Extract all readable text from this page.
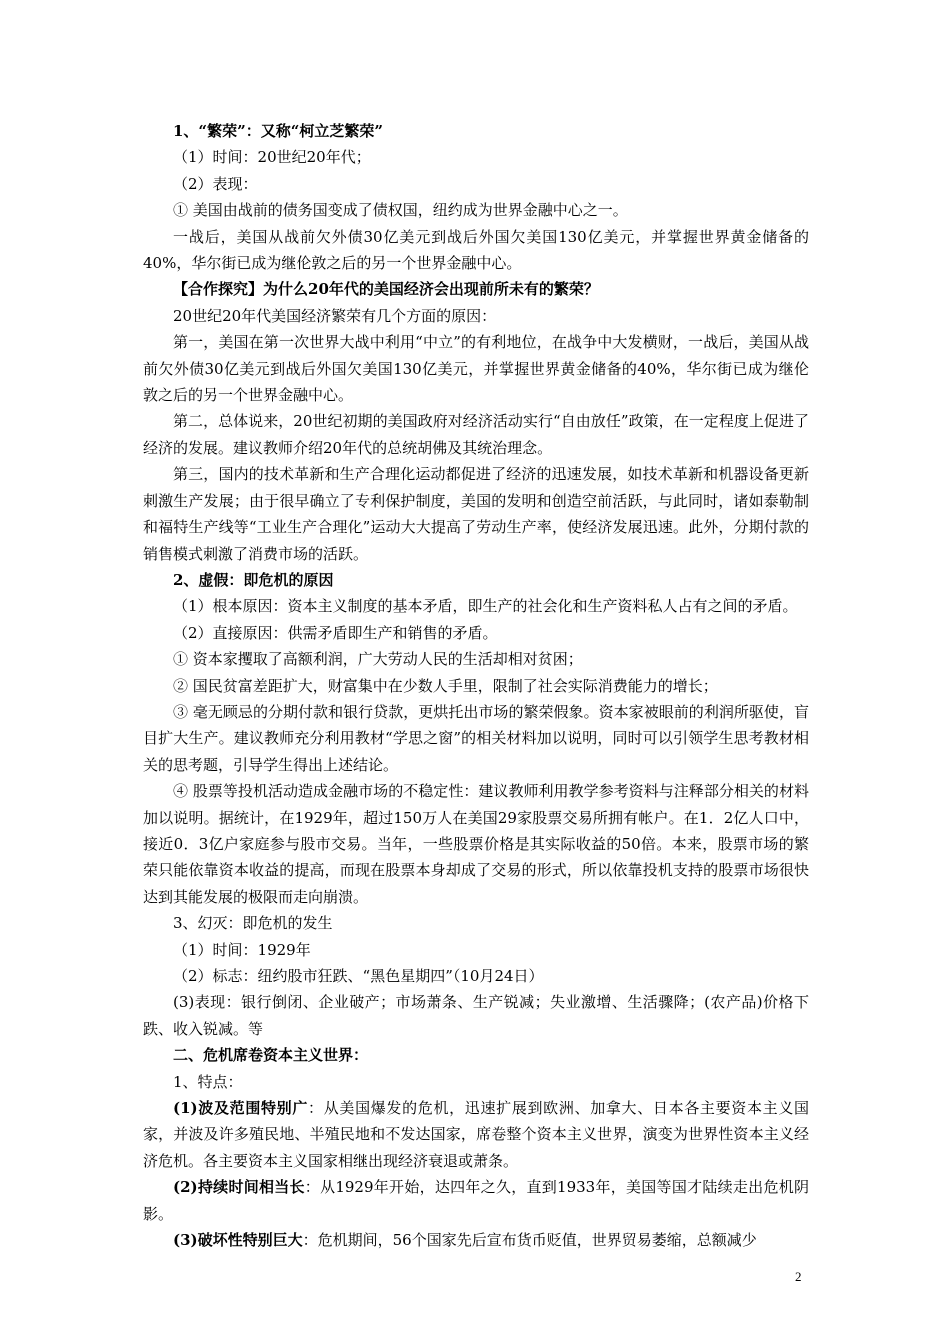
1、“繁荣”：又称“柯立芝繁荣”
（1）时间：20世纪20年代；
（2）表现：
① 美国由战前的债务国变成了债权国，纽约成为世界金融中心之一。
一战后，美国从战前欠外债30亿美元到战后外国欠美国130亿美元，并掌握世界黄金储备的40%，华尔街已成为继伦敦之后的另一个世界金融中心。
【合作探究】为什么20年代的美国经济会出现前所未有的繁荣？
20世纪20年代美国经济繁荣有几个方面的原因：
第一，美国在第一次世界大战中利用“中立”的有利地位，在战争中大发横财，一战后，美国从战前欠外债30亿美元到战后外国欠美国130亿美元，并掌握世界黄金储备的40%，华尔街已成为继伦敦之后的另一个世界金融中心。
第二，总体说来，20世纪初期的美国政府对经济活动实行“自由放任”政策，在一定程度上促进了经济的发展。建议教师介绍20年代的总统胡佛及其统治理念。
第三，国内的技术革新和生产合理化运动都促进了经济的迅速发展，如技术革新和机器设备更新刺激生产发展；由于很早确立了专利保护制度，美国的发明和创造空前活跃，与此同时，诸如泰勒制和福特生产线等“工业生产合理化”运动大大提高了劳动生产率，使经济发展迅速。此外，分期付款的销售模式刺激了消费市场的活跃。
2、虚假：即危机的原因
（1）根本原因：资本主义制度的基本矛盾，即生产的社会化和生产资料私人占有之间的矛盾。
（2）直接原因：供需矛盾即生产和销售的矛盾。
① 资本家攫取了高额利润，广大劳动人民的生活却相对贫困；
② 国民贫富差距扩大，财富集中在少数人手里，限制了社会实际消费能力的增长；
③ 毫无顾忌的分期付款和银行贷款，更烘托出市场的繁荣假象。资本家被眼前的利润所驱使，盲目扩大生产。建议教师充分利用教材“学思之窗”的相关材料加以说明，同时可以引领学生思考教材相关的思考题，引导学生得出上述结论。
④ 股票等投机活动造成金融市场的不稳定性：建议教师利用教学参考资料与注释部分相关的材料加以说明。据统计，在1929年，超过150万人在美国29家股票交易所拥有帐户。在1．2亿人口中，接近0．3亿户家庭参与股市交易。当年，一些股票价格是其实际收益的50倍。本来，股票市场的繁荣只能依靠资本收益的提高，而现在股票本身却成了交易的形式，所以依靠投机支持的股票市场很快达到其能发展的极限而走向崩溃。
3、幻灭：即危机的发生
（1）时间：1929年
（2）标志：纽约股市狂跌、“黑色星期四”（10月24日）
(3)表现：银行倒闭、企业破产；市场萧条、生产锐减；失业激增、生活骤降；(农产品)价格下跌、收入锐减。等
二、危机席卷资本主义世界：
1、特点：
(1)波及范围特别广：从美国爆发的危机，迅速扩展到欧洲、加拿大、日本各主要资本主义国家，并波及许多殖民地、半殖民地和不发达国家，席卷整个资本主义世界，演变为世界性资本主义经济危机。各主要资本主义国家相继出现经济衰退或萧条。
(2)持续时间相当长：从1929年开始，达四年之久，直到1933年，美国等国才陆续走出危机阴影。
(3)破坏性特别巨大：危机期间，56个国家先后宣布货币贬值，世界贸易萎缩，总额减少
2
